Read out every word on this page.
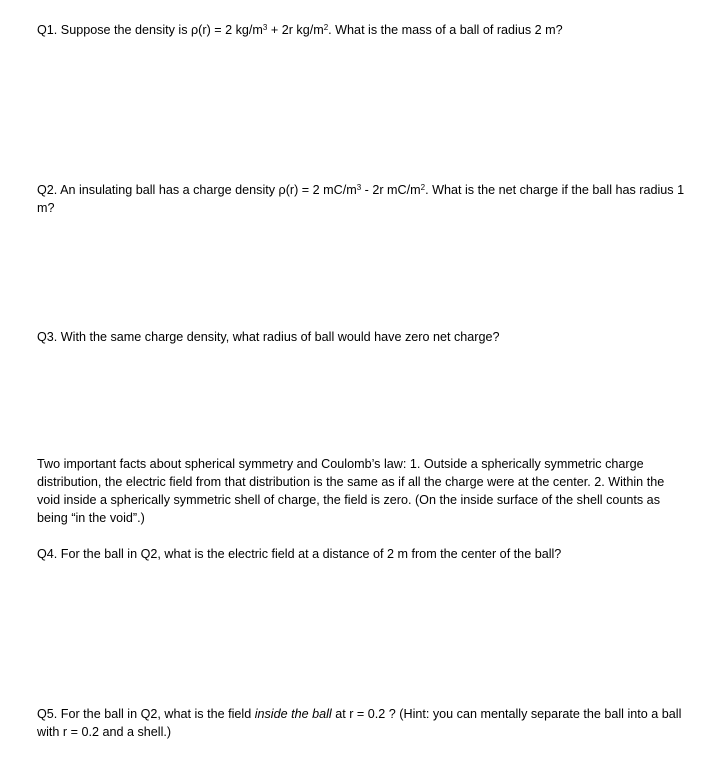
Q1. Suppose the density is ρ(r) = 2 $kg/m^3 + 2r$ $kg/m^2$. What is the mass of a ball of radius 2 m?

Q2. An insulating ball has a charge density ρ(r) = 2 $mC/m^3 - 2r$ $mC/m^2$. What is the net charge if the ball has radius 1 m?

Q3. With the same charge density, what radius of ball would have zero net charge?

Two important facts about spherical symmetry and Coulomb’s law: 1. Outside a spherically symmetric charge distribution, the electric field from that distribution is the same as if all the charge were at the center. 2. Within the void inside a spherically symmetric shell of charge, the field is zero. (On the inside surface of the shell counts as being “in the void”.)

Q4. For the ball in Q2, what is the electric field at a distance of 2 m from the center of the ball?

Q5. For the ball in Q2, what is the field inside the ball at r = 0.2 ? (Hint: you can mentally separate the ball into a ball with r = 0.2 and a shell.)
